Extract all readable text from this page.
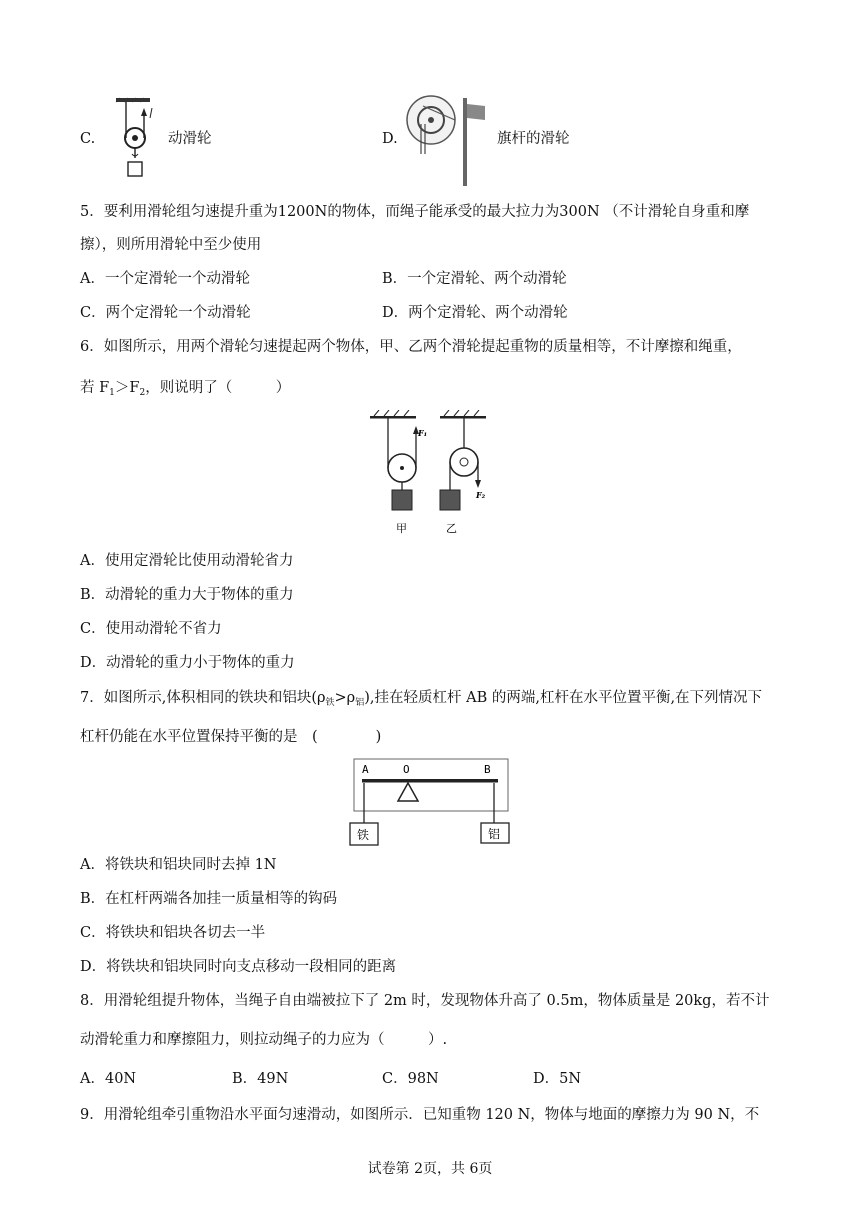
C.	动滑轮	D.	旗杆的滑轮
5．要利用滑轮组匀速提升重为1200N的物体，而绳子能承受的最大拉力为300N （不计滑轮自身重和摩
擦），则所用滑轮中至少使用
A．一个定滑轮一个动滑轮	B．一个定滑轮、两个动滑轮
C．两个定滑轮一个动滑轮	D．两个定滑轮、两个动滑轮
6．如图所示，用两个滑轮匀速提起两个物体，甲、乙两个滑轮提起重物的质量相等，不计摩擦和绳重，
若 $F_1>F_2$，则说明了（　　　）
F₁
F₂
甲	乙
A．使用定滑轮比使用动滑轮省力
B．动滑轮的重力大于物体的重力
C．使用动滑轮不省力
D．动滑轮的重力小于物体的重力
7．如图所示,体积相同的铁块和铝块$(\rho_铁>\rho_铝)$,挂在轻质杠杆 AB 的两端,杠杆在水平位置平衡,在下列情况下
杠杆仍能在水平位置保持平衡的是　(　　　　)
A	O	B
铁	铝
A．将铁块和铝块同时去掉 1N
B．在杠杆两端各加挂一质量相等的钩码
C．将铁块和铝块各切去一半
D．将铁块和铝块同时向支点移动一段相同的距离
8．用滑轮组提升物体，当绳子自由端被拉下了 2m 时，发现物体升高了 0.5m，物体质量是 20kg，若不计
动滑轮重力和摩擦阻力，则拉动绳子的力应为（　　　）.
A．40N	B．49N	C．98N	D．5N
9．用滑轮组牵引重物沿水平面匀速滑动，如图所示．已知重物 120 N，物体与地面的摩擦力为 90 N，不
试卷第 2页，共 6页
